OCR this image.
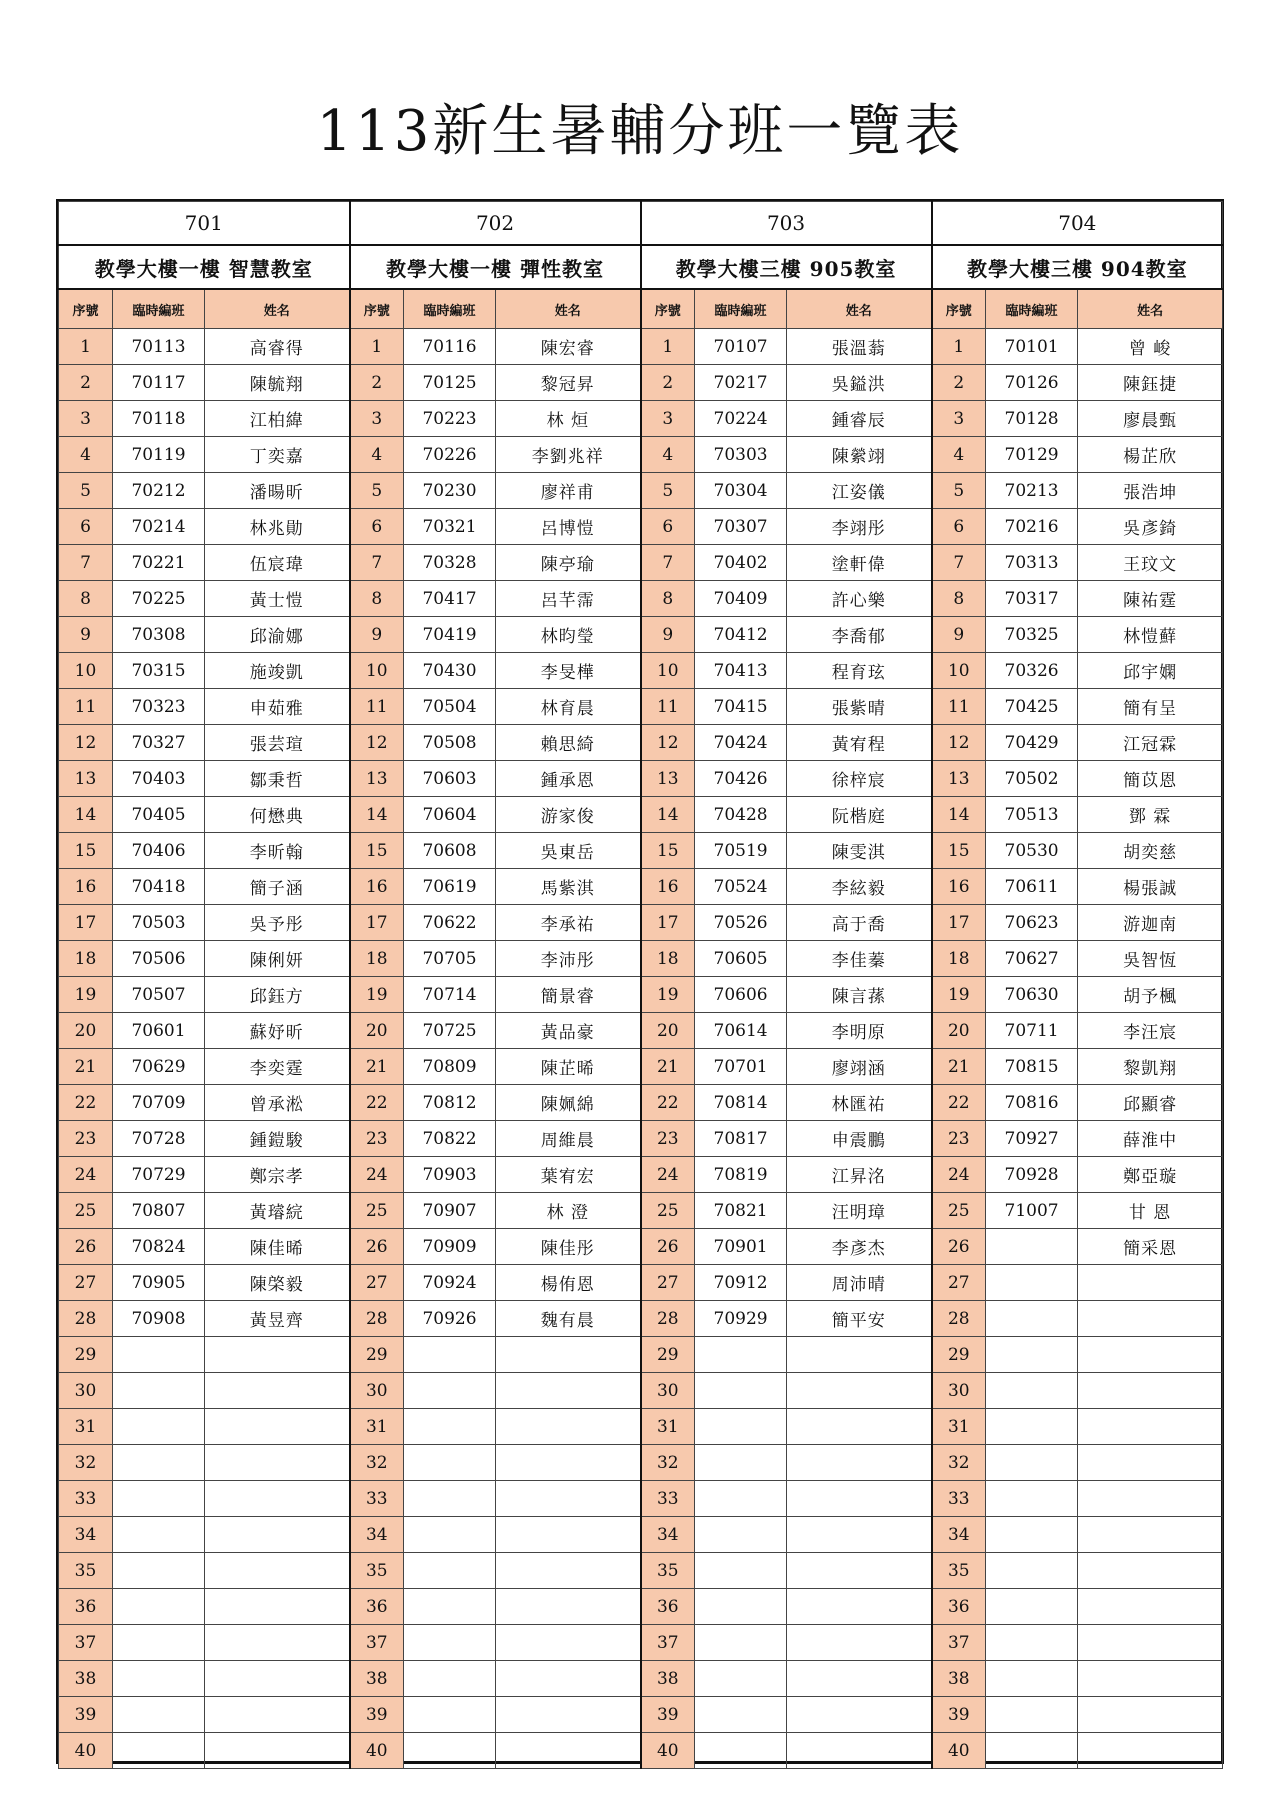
113新生暑輔分班一覽表
701			702			703			704		
教學大樓一樓 智慧教室			教學大樓一樓 彈性教室			教學大樓三樓 905教室			教學大樓三樓 904教室		
序號	臨時編班	姓名	序號	臨時編班	姓名	序號	臨時編班	姓名	序號	臨時編班	姓名
1	70113	高睿得	1	70116	陳宏睿	1	70107	張溫蓊	1	70101	曾 峻
2	70117	陳毓翔	2	70125	黎冠昇	2	70217	吳鎰洪	2	70126	陳鈺捷
3	70118	江柏緯	3	70223	林 烜	3	70224	鍾睿辰	3	70128	廖晨甄
4	70119	丁奕嘉	4	70226	李劉兆祥	4	70303	陳縈翊	4	70129	楊芷欣
5	70212	潘暘昕	5	70230	廖祥甫	5	70304	江姿儀	5	70213	張浩坤
6	70214	林兆勛	6	70321	呂博愷	6	70307	李翊彤	6	70216	吳彥錡
7	70221	伍宸瑋	7	70328	陳亭瑜	7	70402	塗軒偉	7	70313	王玟文
8	70225	黃士愷	8	70417	呂芊霈	8	70409	許心樂	8	70317	陳祐霆
9	70308	邱渝娜	9	70419	林昀瑩	9	70412	李喬郁	9	70325	林愷蘚
10	70315	施竣凱	10	70430	李旻樺	10	70413	程育玹	10	70326	邱宇嫻
11	70323	申茹雅	11	70504	林育晨	11	70415	張紫晴	11	70425	簡有呈
12	70327	張芸瑄	12	70508	賴思綺	12	70424	黃宥程	12	70429	江冠霖
13	70403	鄒秉哲	13	70603	鍾承恩	13	70426	徐梓宸	13	70502	簡苡恩
14	70405	何懋典	14	70604	游家俊	14	70428	阮楷庭	14	70513	鄧 霖
15	70406	李昕翰	15	70608	吳東岳	15	70519	陳雯淇	15	70530	胡奕慈
16	70418	簡子涵	16	70619	馬紫淇	16	70524	李絃毅	16	70611	楊張誠
17	70503	吳予彤	17	70622	李承祐	17	70526	高于喬	17	70623	游迦南
18	70506	陳俐妍	18	70705	李沛彤	18	70605	李佳蓁	18	70627	吳智恆
19	70507	邱鈺方	19	70714	簡景睿	19	70606	陳言蓀	19	70630	胡予楓
20	70601	蘇妤昕	20	70725	黃品豪	20	70614	李明原	20	70711	李汪宸
21	70629	李奕霆	21	70809	陳芷晞	21	70701	廖翊涵	21	70815	黎凱翔
22	70709	曾承淞	22	70812	陳姵綿	22	70814	林匯祐	22	70816	邱顯睿
23	70728	鍾鎧駿	23	70822	周維晨	23	70817	申震鵬	23	70927	薛淮中
24	70729	鄭宗孝	24	70903	葉宥宏	24	70819	江昇洺	24	70928	鄭亞璇
25	70807	黃璿綄	25	70907	林 澄	25	70821	汪明璋	25	71007	甘 恩
26	70824	陳佳晞	26	70909	陳佳彤	26	70901	李彥杰	26		簡采恩
27	70905	陳棨毅	27	70924	楊侑恩	27	70912	周沛晴	27		
28	70908	黃昱齊	28	70926	魏有晨	28	70929	簡平安	28		
29			29			29			29		
30			30			30			30		
31			31			31			31		
32			32			32			32		
33			33			33			33		
34			34			34			34		
35			35			35			35		
36			36			36			36		
37			37			37			37		
38			38			38			38		
39			39			39			39		
40			40			40			40		
